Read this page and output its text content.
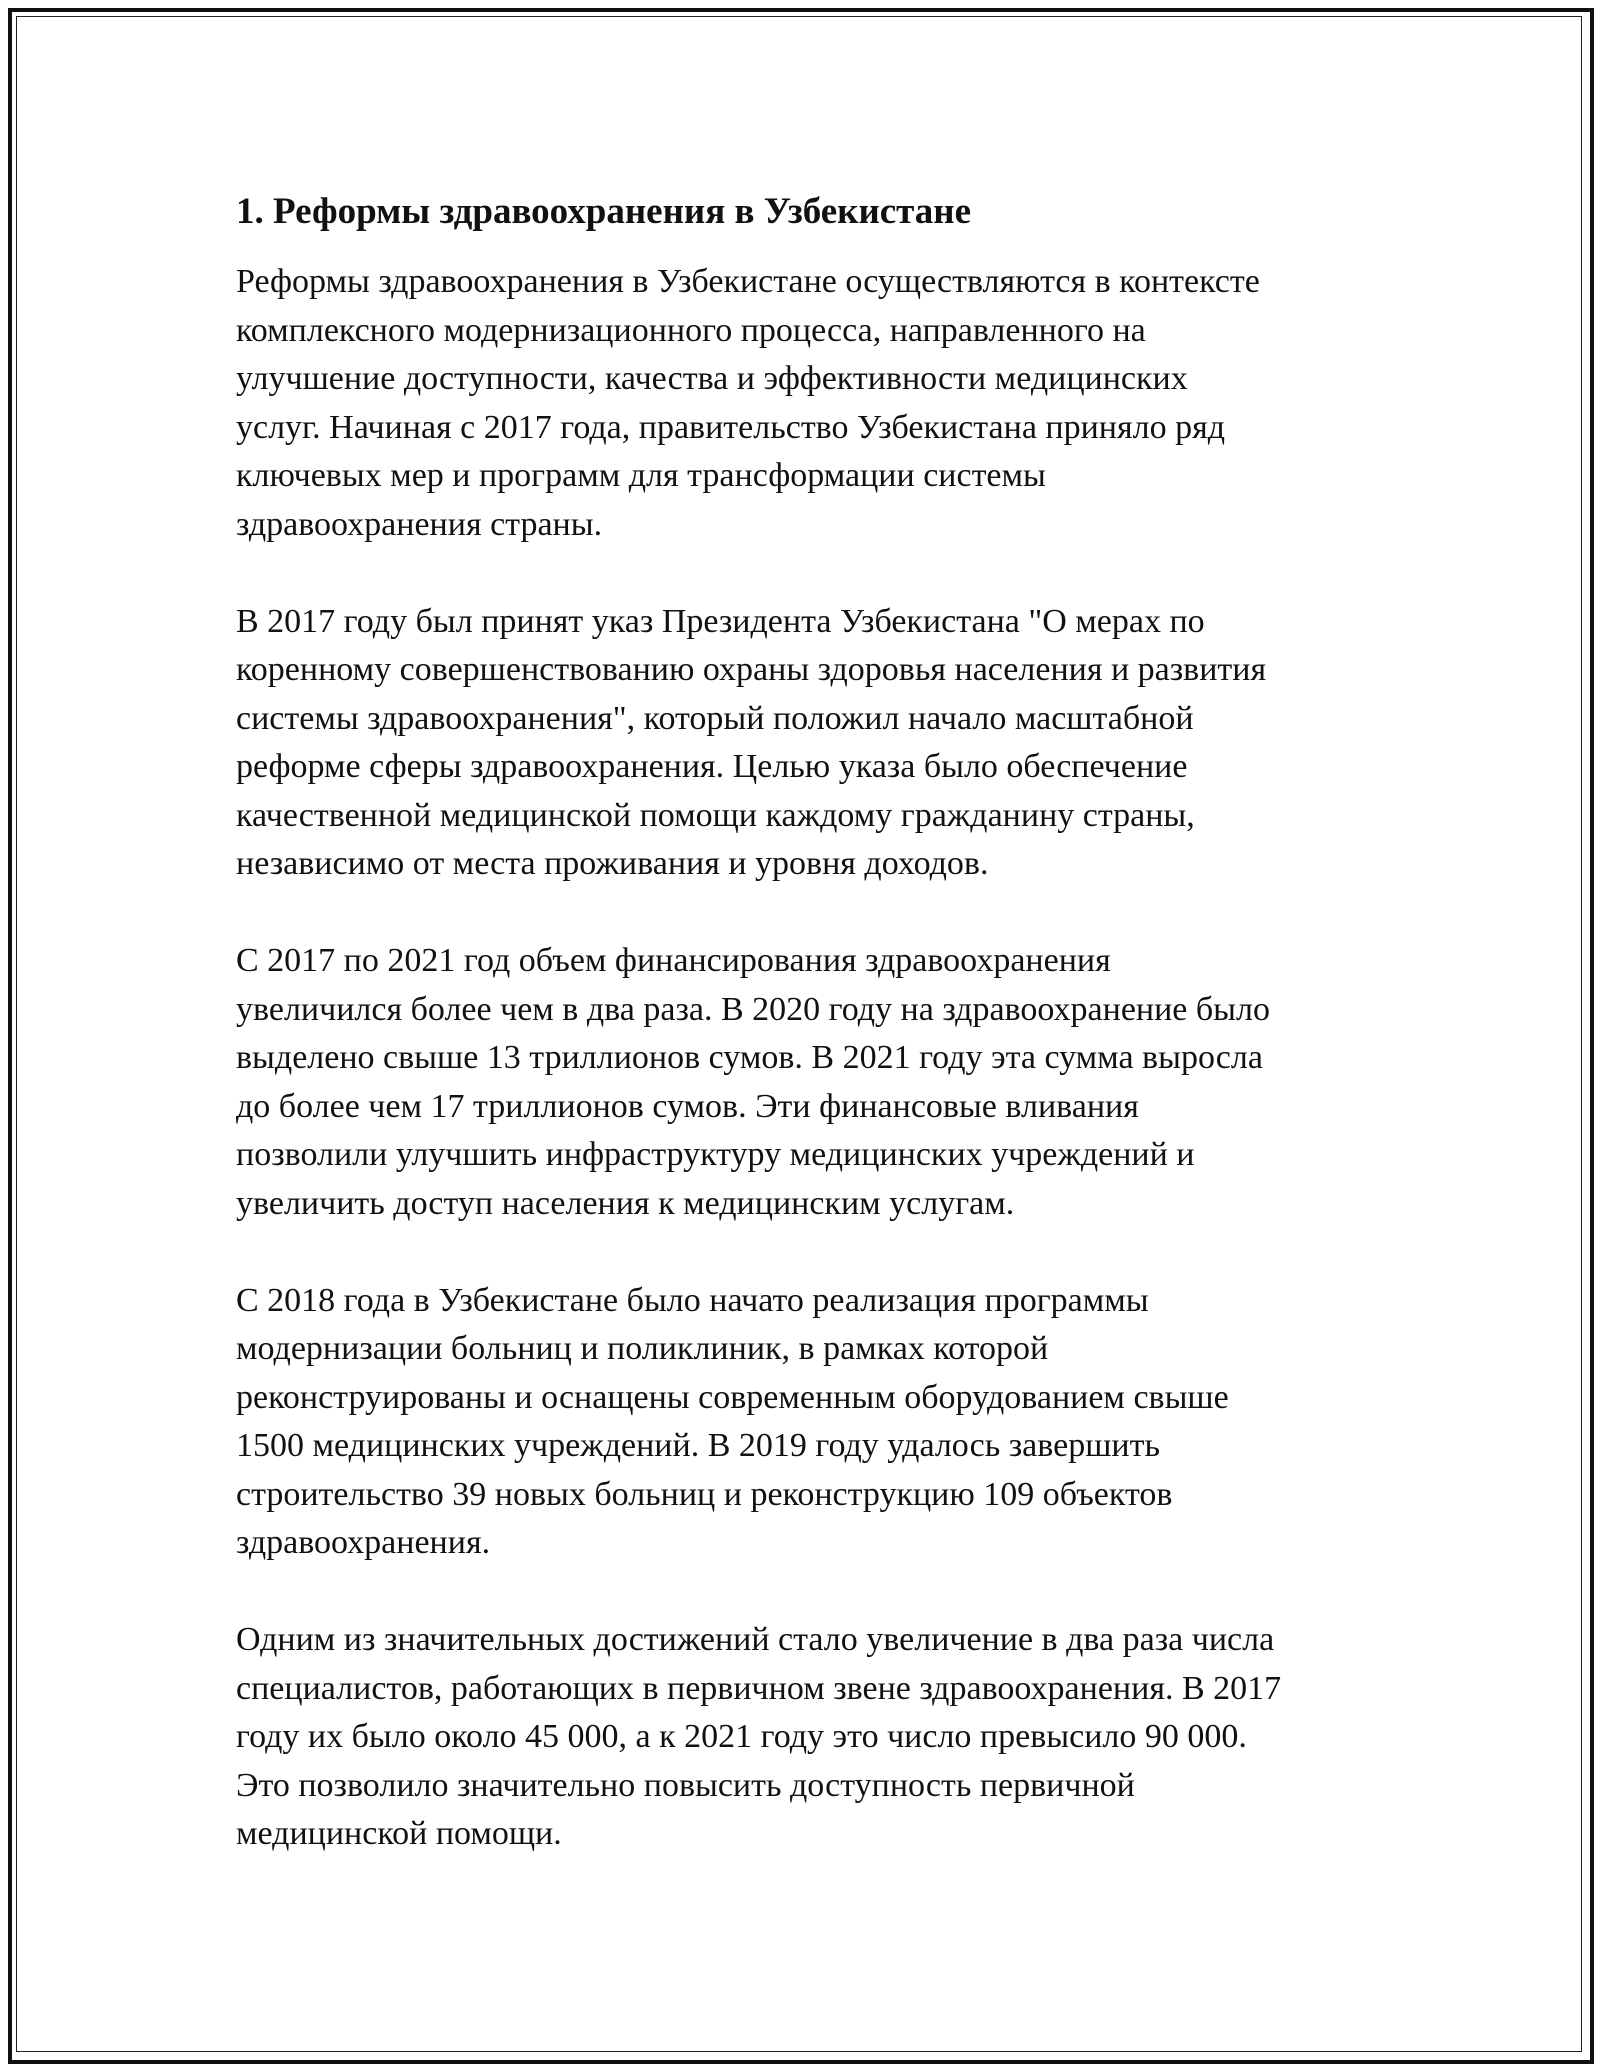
1. Реформы здравоохранения в Узбекистане

Реформы здравоохранения в Узбекистане осуществляются в контексте
комплексного модернизационного процесса, направленного на
улучшение доступности, качества и эффективности медицинских
услуг. Начиная с 2017 года, правительство Узбекистана приняло ряд
ключевых мер и программ для трансформации системы
здравоохранения страны.

В 2017 году был принят указ Президента Узбекистана "О мерах по
коренному совершенствованию охраны здоровья населения и развития
системы здравоохранения", который положил начало масштабной
реформе сферы здравоохранения. Целью указа было обеспечение
качественной медицинской помощи каждому гражданину страны,
независимо от места проживания и уровня доходов.

С 2017 по 2021 год объем финансирования здравоохранения
увеличился более чем в два раза. В 2020 году на здравоохранение было
выделено свыше 13 триллионов сумов. В 2021 году эта сумма выросла
до более чем 17 триллионов сумов. Эти финансовые вливания
позволили улучшить инфраструктуру медицинских учреждений и
увеличить доступ населения к медицинским услугам.

С 2018 года в Узбекистане было начато реализация программы
модернизации больниц и поликлиник, в рамках которой
реконструированы и оснащены современным оборудованием свыше
1500 медицинских учреждений. В 2019 году удалось завершить
строительство 39 новых больниц и реконструкцию 109 объектов
здравоохранения.

Одним из значительных достижений стало увеличение в два раза числа
специалистов, работающих в первичном звене здравоохранения. В 2017
году их было около 45 000, а к 2021 году это число превысило 90 000.
Это позволило значительно повысить доступность первичной
медицинской помощи.
